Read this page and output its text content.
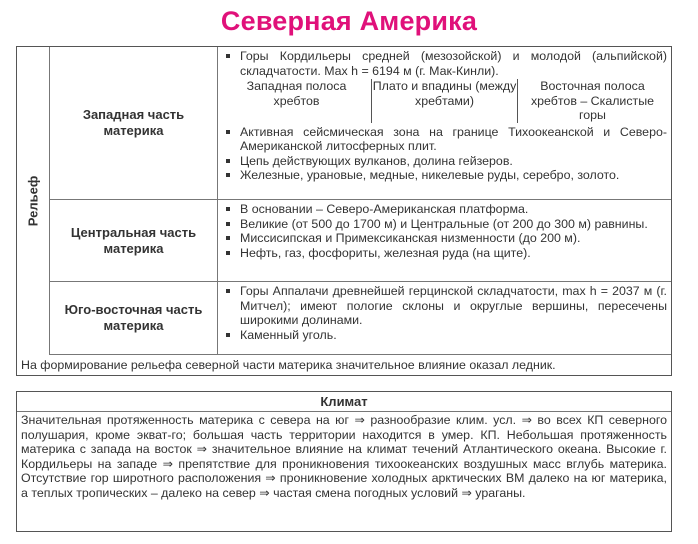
Северная Америка
Рельеф
Западная часть материка
Горы Кордильеры средней (мезозойской) и молодой (альпийской) складчатости. Max h = 6194 м (г. Мак-Кинли).
Западная полоса хребтов
Плато и впадины (между хребтами)
Восточная полоса хребтов – Скалистые горы
Активная сейсмическая зона на границе Тихоокеанской и Северо-Американской литосферных плит.
Цепь действующих вулканов, долина гейзеров.
Железные, урановые, медные, никелевые руды, серебро, золото.
Центральная часть материка
В основании – Северо-Американская платформа.
Великие (от 500 до 1700 м) и Центральные (от 200 до 300 м) равнины.
Миссисипская и Примексиканская низменности (до 200 м).
Нефть, газ, фосфориты, железная руда (на щите).
Юго-восточная часть материка
Горы Аппалачи древнейшей герцинской складчатости, max h = 2037 м (г. Митчел); имеют пологие склоны и округлые вершины, пересечены широкими долинами.
Каменный уголь.
На формирование рельефа северной части материка значительное влияние оказал ледник.
Климат
Значительная протяженность материка с севера на юг ⇒ разнообразие клим. усл. ⇒ во всех КП северного полушария, кроме экват-го; большая часть территории находится в умер. КП. Небольшая протяженность материка с запада на восток ⇒ значительное влияние на климат течений Атлантического океана. Высокие г. Кордильеры на западе ⇒ препятствие для проникновения тихоокеанских воздушных масс вглубь материка. Отсутствие гор широтного расположения ⇒ проникновение холодных арктических ВМ далеко на юг материка, а теплых тропических – далеко на север ⇒ частая смена погодных условий ⇒ ураганы.
